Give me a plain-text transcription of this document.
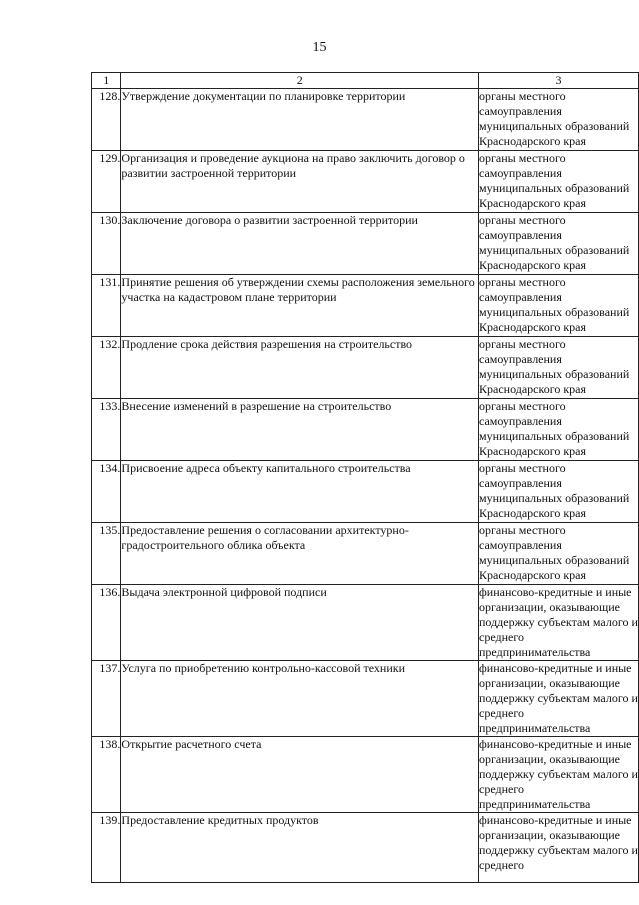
15
1	2	3
128.	Утверждение документации по планировке территории	органы местного самоуправления муниципальных образований Краснодарского края
129.	Организация и проведение аукциона на право заключить договор о развитии застроенной территории	органы местного самоуправления муниципальных образований Краснодарского края
130.	Заключение договора о развитии застроенной территории	органы местного самоуправления муниципальных образований Краснодарского края
131.	Принятие решения об утверждении схемы расположения земельного участка на кадастровом плане территории	органы местного самоуправления муниципальных образований Краснодарского края
132.	Продление срока действия разрешения на строительство	органы местного самоуправления муниципальных образований Краснодарского края
133.	Внесение изменений в разрешение на строительство	органы местного самоуправления муниципальных образований Краснодарского края
134.	Присвоение адреса объекту капитального строительства	органы местного самоуправления муниципальных образований Краснодарского края
135.	Предоставление решения о согласовании архитектурно-градостроительного облика объекта	органы местного самоуправления муниципальных образований Краснодарского края
136.	Выдача электронной цифровой подписи	финансово-кредитные и иные организации, оказывающие поддержку субъектам малого и среднего предпринимательства
137.	Услуга по приобретению контрольно-кассовой техники	финансово-кредитные и иные организации, оказывающие поддержку субъектам малого и среднего предпринимательства
138.	Открытие расчетного счета	финансово-кредитные и иные организации, оказывающие поддержку субъектам малого и среднего предпринимательства
139.	Предоставление кредитных продуктов	финансово-кредитные и иные организации, оказывающие поддержку субъектам малого и среднего
